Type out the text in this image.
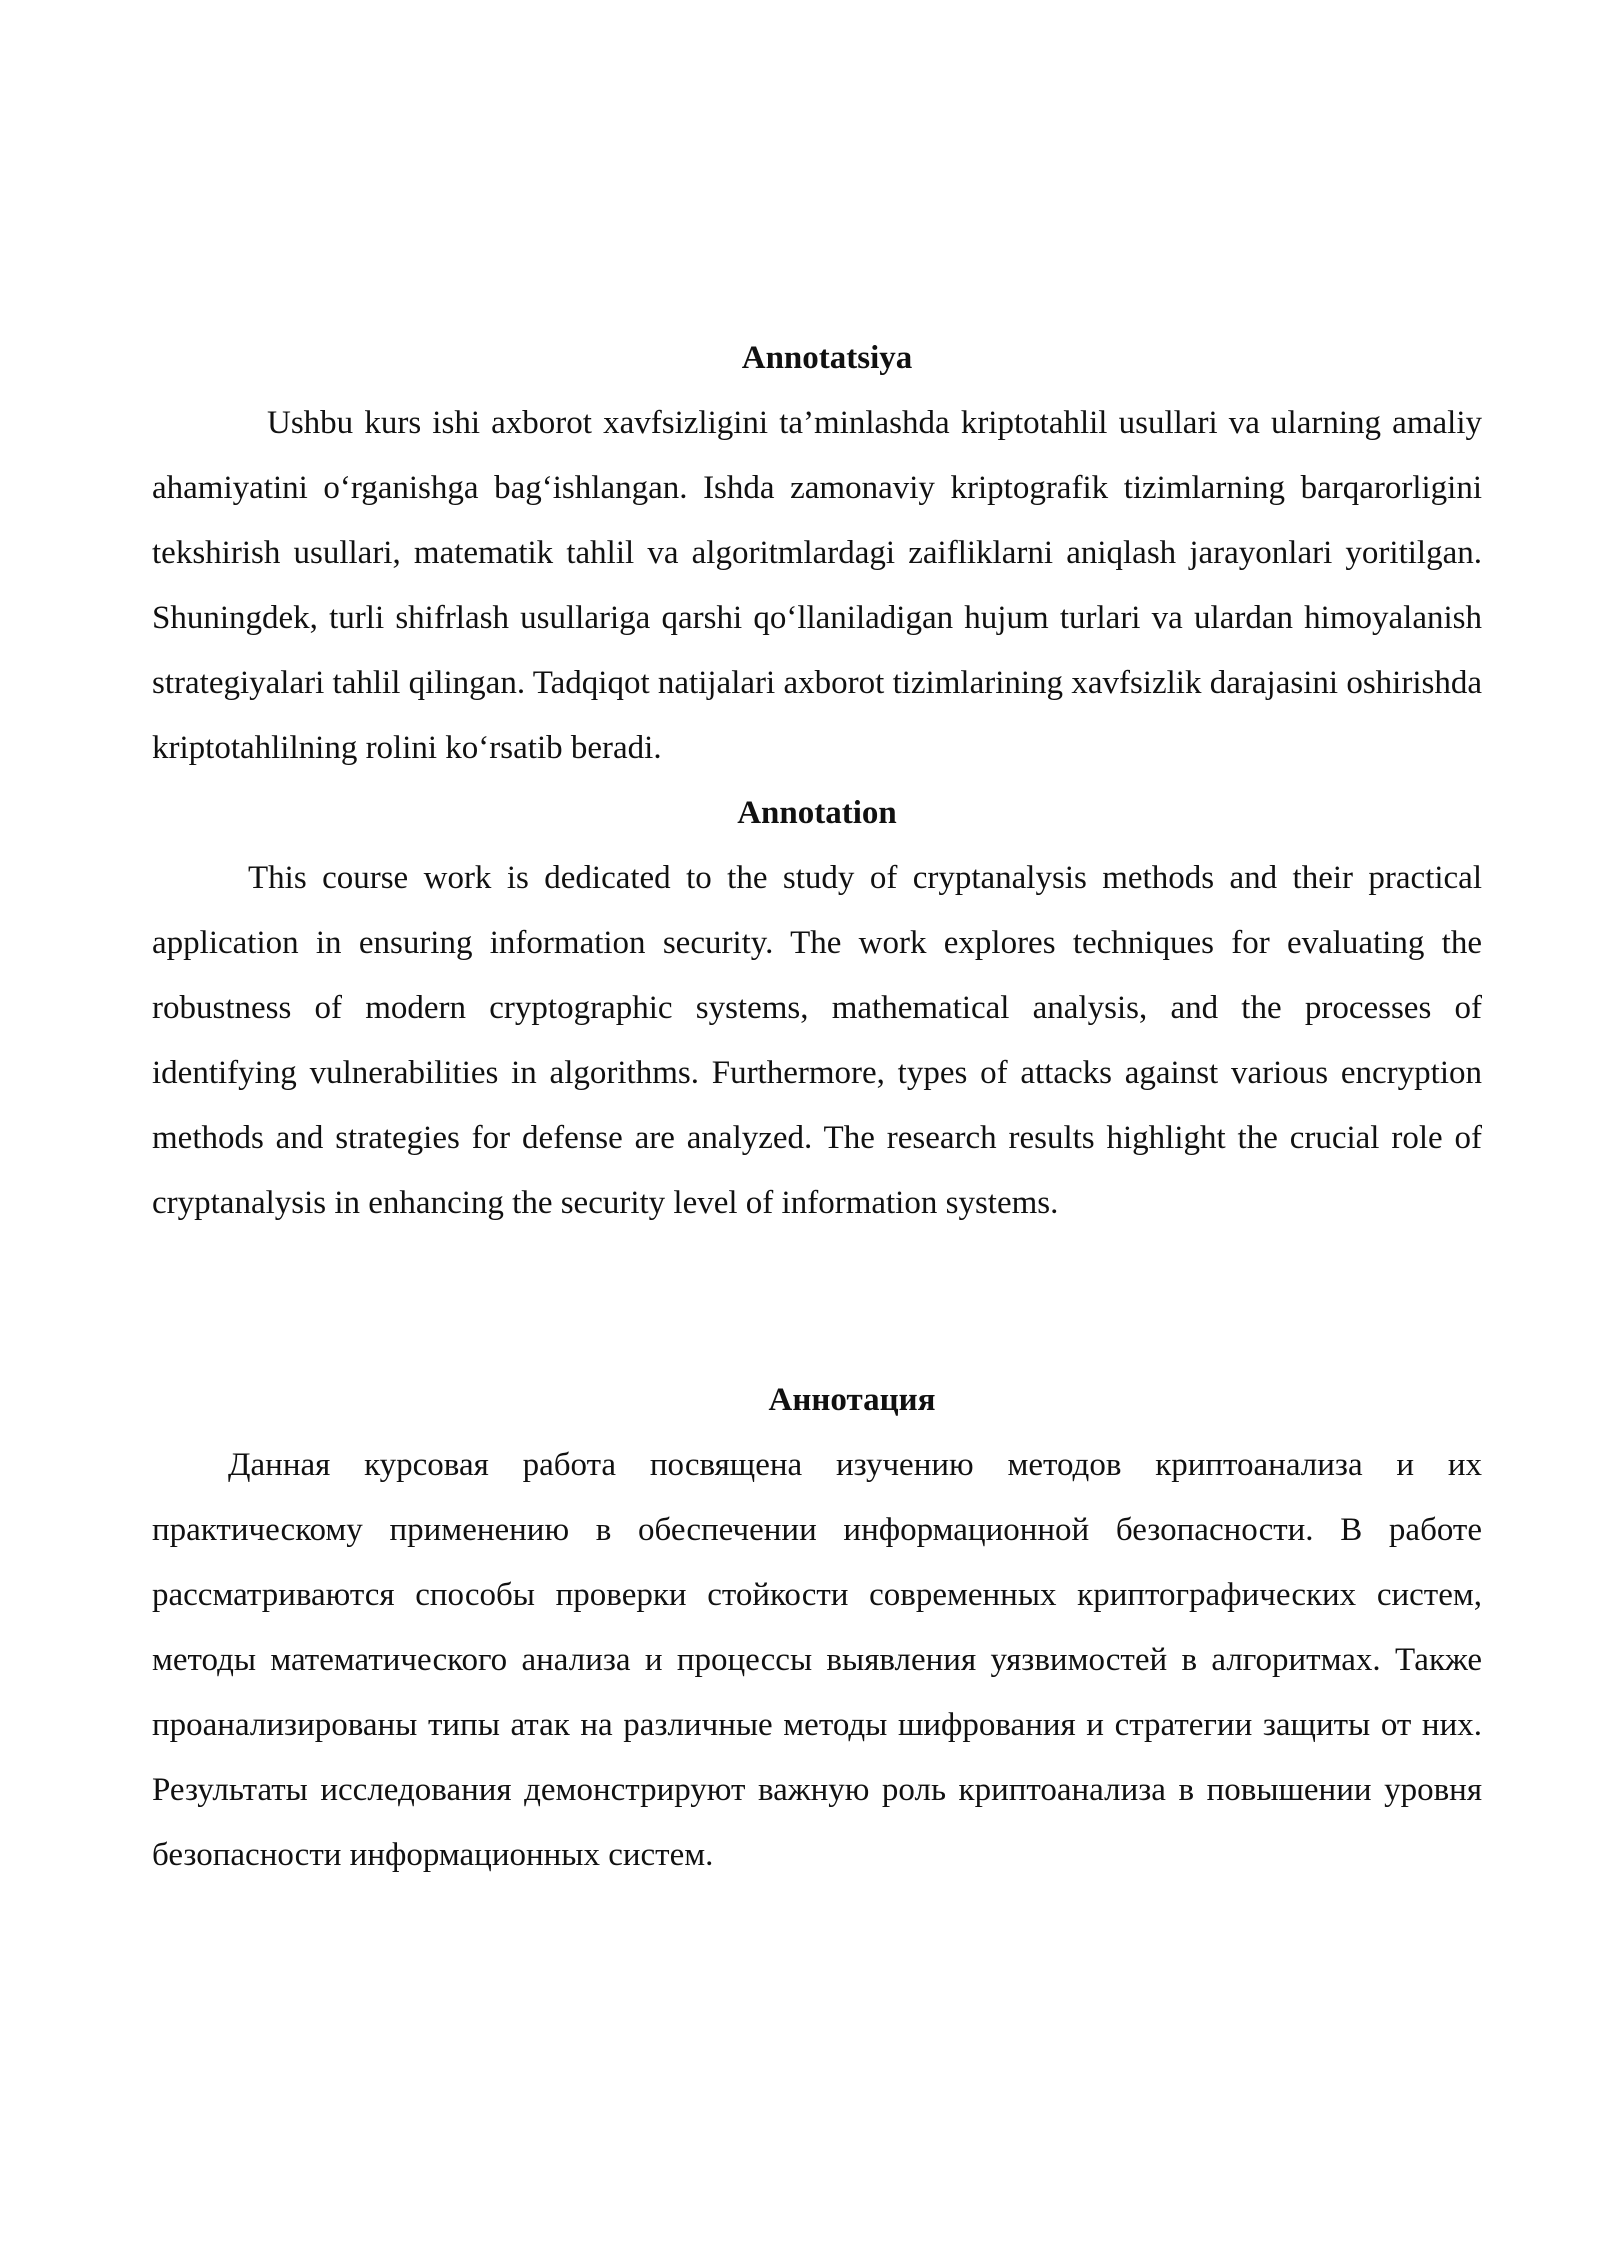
Annotatsiya

Ushbu kurs ishi axborot xavfsizligini ta’minlashda kriptotahlil usullari va ularning amaliy ahamiyatini o‘rganishga bag‘ishlangan. Ishda zamonaviy kriptografik tizimlarning barqarorligini tekshirish usullari, matematik tahlil va algoritmlardagi zaifliklarni aniqlash jarayonlari yoritilgan. Shuningdek, turli shifrlash usullariga qarshi qo‘llaniladigan hujum turlari va ulardan himoyalanish strategiyalari tahlil qilingan. Tadqiqot natijalari axborot tizimlarining xavfsizlik darajasini oshirishda kriptotahlilning rolini ko‘rsatib beradi.

Annotation

This course work is dedicated to the study of cryptanalysis methods and their practical application in ensuring information security. The work explores techniques for evaluating the robustness of modern cryptographic systems, mathematical analysis, and the processes of identifying vulnerabilities in algorithms. Furthermore, types of attacks against various encryption methods and strategies for defense are analyzed. The research results highlight the crucial role of cryptanalysis in enhancing the security level of information systems.

Аннотация

Данная курсовая работа посвящена изучению методов криптоанализа и их практическому применению в обеспечении информационной безопасности. В работе рассматриваются способы проверки стойкости современных криптографических систем, методы математического анализа и процессы выявления уязвимостей в алгоритмах. Также проанализированы типы атак на различные методы шифрования и стратегии защиты от них. Результаты исследования демонстрируют важную роль криптоанализа в повышении уровня безопасности информационных систем.
